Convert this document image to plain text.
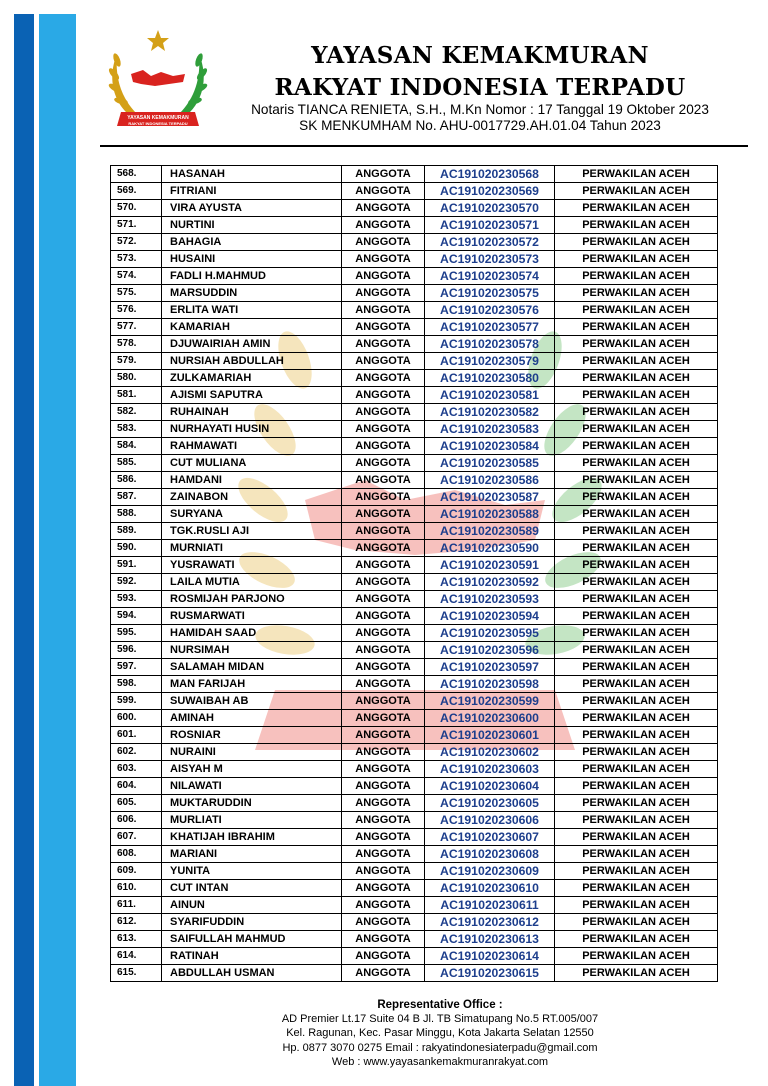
YAYASAN KEMAKMURAN
RAKYAT INDONESIA TERPADU
YAYASAN KEMAKMURAN
RAKYAT INDONESIA TERPADU
Notaris TIANCA RENIETA, S.H., M.Kn Nomor : 17 Tanggal 19 Oktober 2023
SK MENKUMHAM No. AHU-0017729.AH.01.04 Tahun 2023
568.	HASANAH	ANGGOTA	AC191020230568	PERWAKILAN ACEH
569.	FITRIANI	ANGGOTA	AC191020230569	PERWAKILAN ACEH
570.	VIRA AYUSTA	ANGGOTA	AC191020230570	PERWAKILAN ACEH
571.	NURTINI	ANGGOTA	AC191020230571	PERWAKILAN ACEH
572.	BAHAGIA	ANGGOTA	AC191020230572	PERWAKILAN ACEH
573.	HUSAINI	ANGGOTA	AC191020230573	PERWAKILAN ACEH
574.	FADLI H.MAHMUD	ANGGOTA	AC191020230574	PERWAKILAN ACEH
575.	MARSUDDIN	ANGGOTA	AC191020230575	PERWAKILAN ACEH
576.	ERLITA WATI	ANGGOTA	AC191020230576	PERWAKILAN ACEH
577.	KAMARIAH	ANGGOTA	AC191020230577	PERWAKILAN ACEH
578.	DJUWAIRIAH AMIN	ANGGOTA	AC191020230578	PERWAKILAN ACEH
579.	NURSIAH ABDULLAH	ANGGOTA	AC191020230579	PERWAKILAN ACEH
580.	ZULKAMARIAH	ANGGOTA	AC191020230580	PERWAKILAN ACEH
581.	AJISMI SAPUTRA	ANGGOTA	AC191020230581	PERWAKILAN ACEH
582.	RUHAINAH	ANGGOTA	AC191020230582	PERWAKILAN ACEH
583.	NURHAYATI HUSIN	ANGGOTA	AC191020230583	PERWAKILAN ACEH
584.	RAHMAWATI	ANGGOTA	AC191020230584	PERWAKILAN ACEH
585.	CUT MULIANA	ANGGOTA	AC191020230585	PERWAKILAN ACEH
586.	HAMDANI	ANGGOTA	AC191020230586	PERWAKILAN ACEH
587.	ZAINABON	ANGGOTA	AC191020230587	PERWAKILAN ACEH
588.	SURYANA	ANGGOTA	AC191020230588	PERWAKILAN ACEH
589.	TGK.RUSLI AJI	ANGGOTA	AC191020230589	PERWAKILAN ACEH
590.	MURNIATI	ANGGOTA	AC191020230590	PERWAKILAN ACEH
591.	YUSRAWATI	ANGGOTA	AC191020230591	PERWAKILAN ACEH
592.	LAILA MUTIA	ANGGOTA	AC191020230592	PERWAKILAN ACEH
593.	ROSMIJAH PARJONO	ANGGOTA	AC191020230593	PERWAKILAN ACEH
594.	RUSMARWATI	ANGGOTA	AC191020230594	PERWAKILAN ACEH
595.	HAMIDAH SAAD	ANGGOTA	AC191020230595	PERWAKILAN ACEH
596.	NURSIMAH	ANGGOTA	AC191020230596	PERWAKILAN ACEH
597.	SALAMAH MIDAN	ANGGOTA	AC191020230597	PERWAKILAN ACEH
598.	MAN FARIJAH	ANGGOTA	AC191020230598	PERWAKILAN ACEH
599.	SUWAIBAH AB	ANGGOTA	AC191020230599	PERWAKILAN ACEH
600.	AMINAH	ANGGOTA	AC191020230600	PERWAKILAN ACEH
601.	ROSNIAR	ANGGOTA	AC191020230601	PERWAKILAN ACEH
602.	NURAINI	ANGGOTA	AC191020230602	PERWAKILAN ACEH
603.	AISYAH M	ANGGOTA	AC191020230603	PERWAKILAN ACEH
604.	NILAWATI	ANGGOTA	AC191020230604	PERWAKILAN ACEH
605.	MUKTARUDDIN	ANGGOTA	AC191020230605	PERWAKILAN ACEH
606.	MURLIATI	ANGGOTA	AC191020230606	PERWAKILAN ACEH
607.	KHATIJAH IBRAHIM	ANGGOTA	AC191020230607	PERWAKILAN ACEH
608.	MARIANI	ANGGOTA	AC191020230608	PERWAKILAN ACEH
609.	YUNITA	ANGGOTA	AC191020230609	PERWAKILAN ACEH
610.	CUT INTAN	ANGGOTA	AC191020230610	PERWAKILAN ACEH
611.	AINUN	ANGGOTA	AC191020230611	PERWAKILAN ACEH
612.	SYARIFUDDIN	ANGGOTA	AC191020230612	PERWAKILAN ACEH
613.	SAIFULLAH MAHMUD	ANGGOTA	AC191020230613	PERWAKILAN ACEH
614.	RATINAH	ANGGOTA	AC191020230614	PERWAKILAN ACEH
615.	ABDULLAH USMAN	ANGGOTA	AC191020230615	PERWAKILAN ACEH
Representative Office :
AD Premier Lt.17 Suite 04 B Jl. TB Simatupang No.5 RT.005/007
Kel. Ragunan, Kec. Pasar Minggu, Kota Jakarta Selatan 12550
Hp. 0877 3070 0275 Email : rakyatindonesiaterpadu@gmail.com
Web : www.yayasankemakmuranrakyat.com
